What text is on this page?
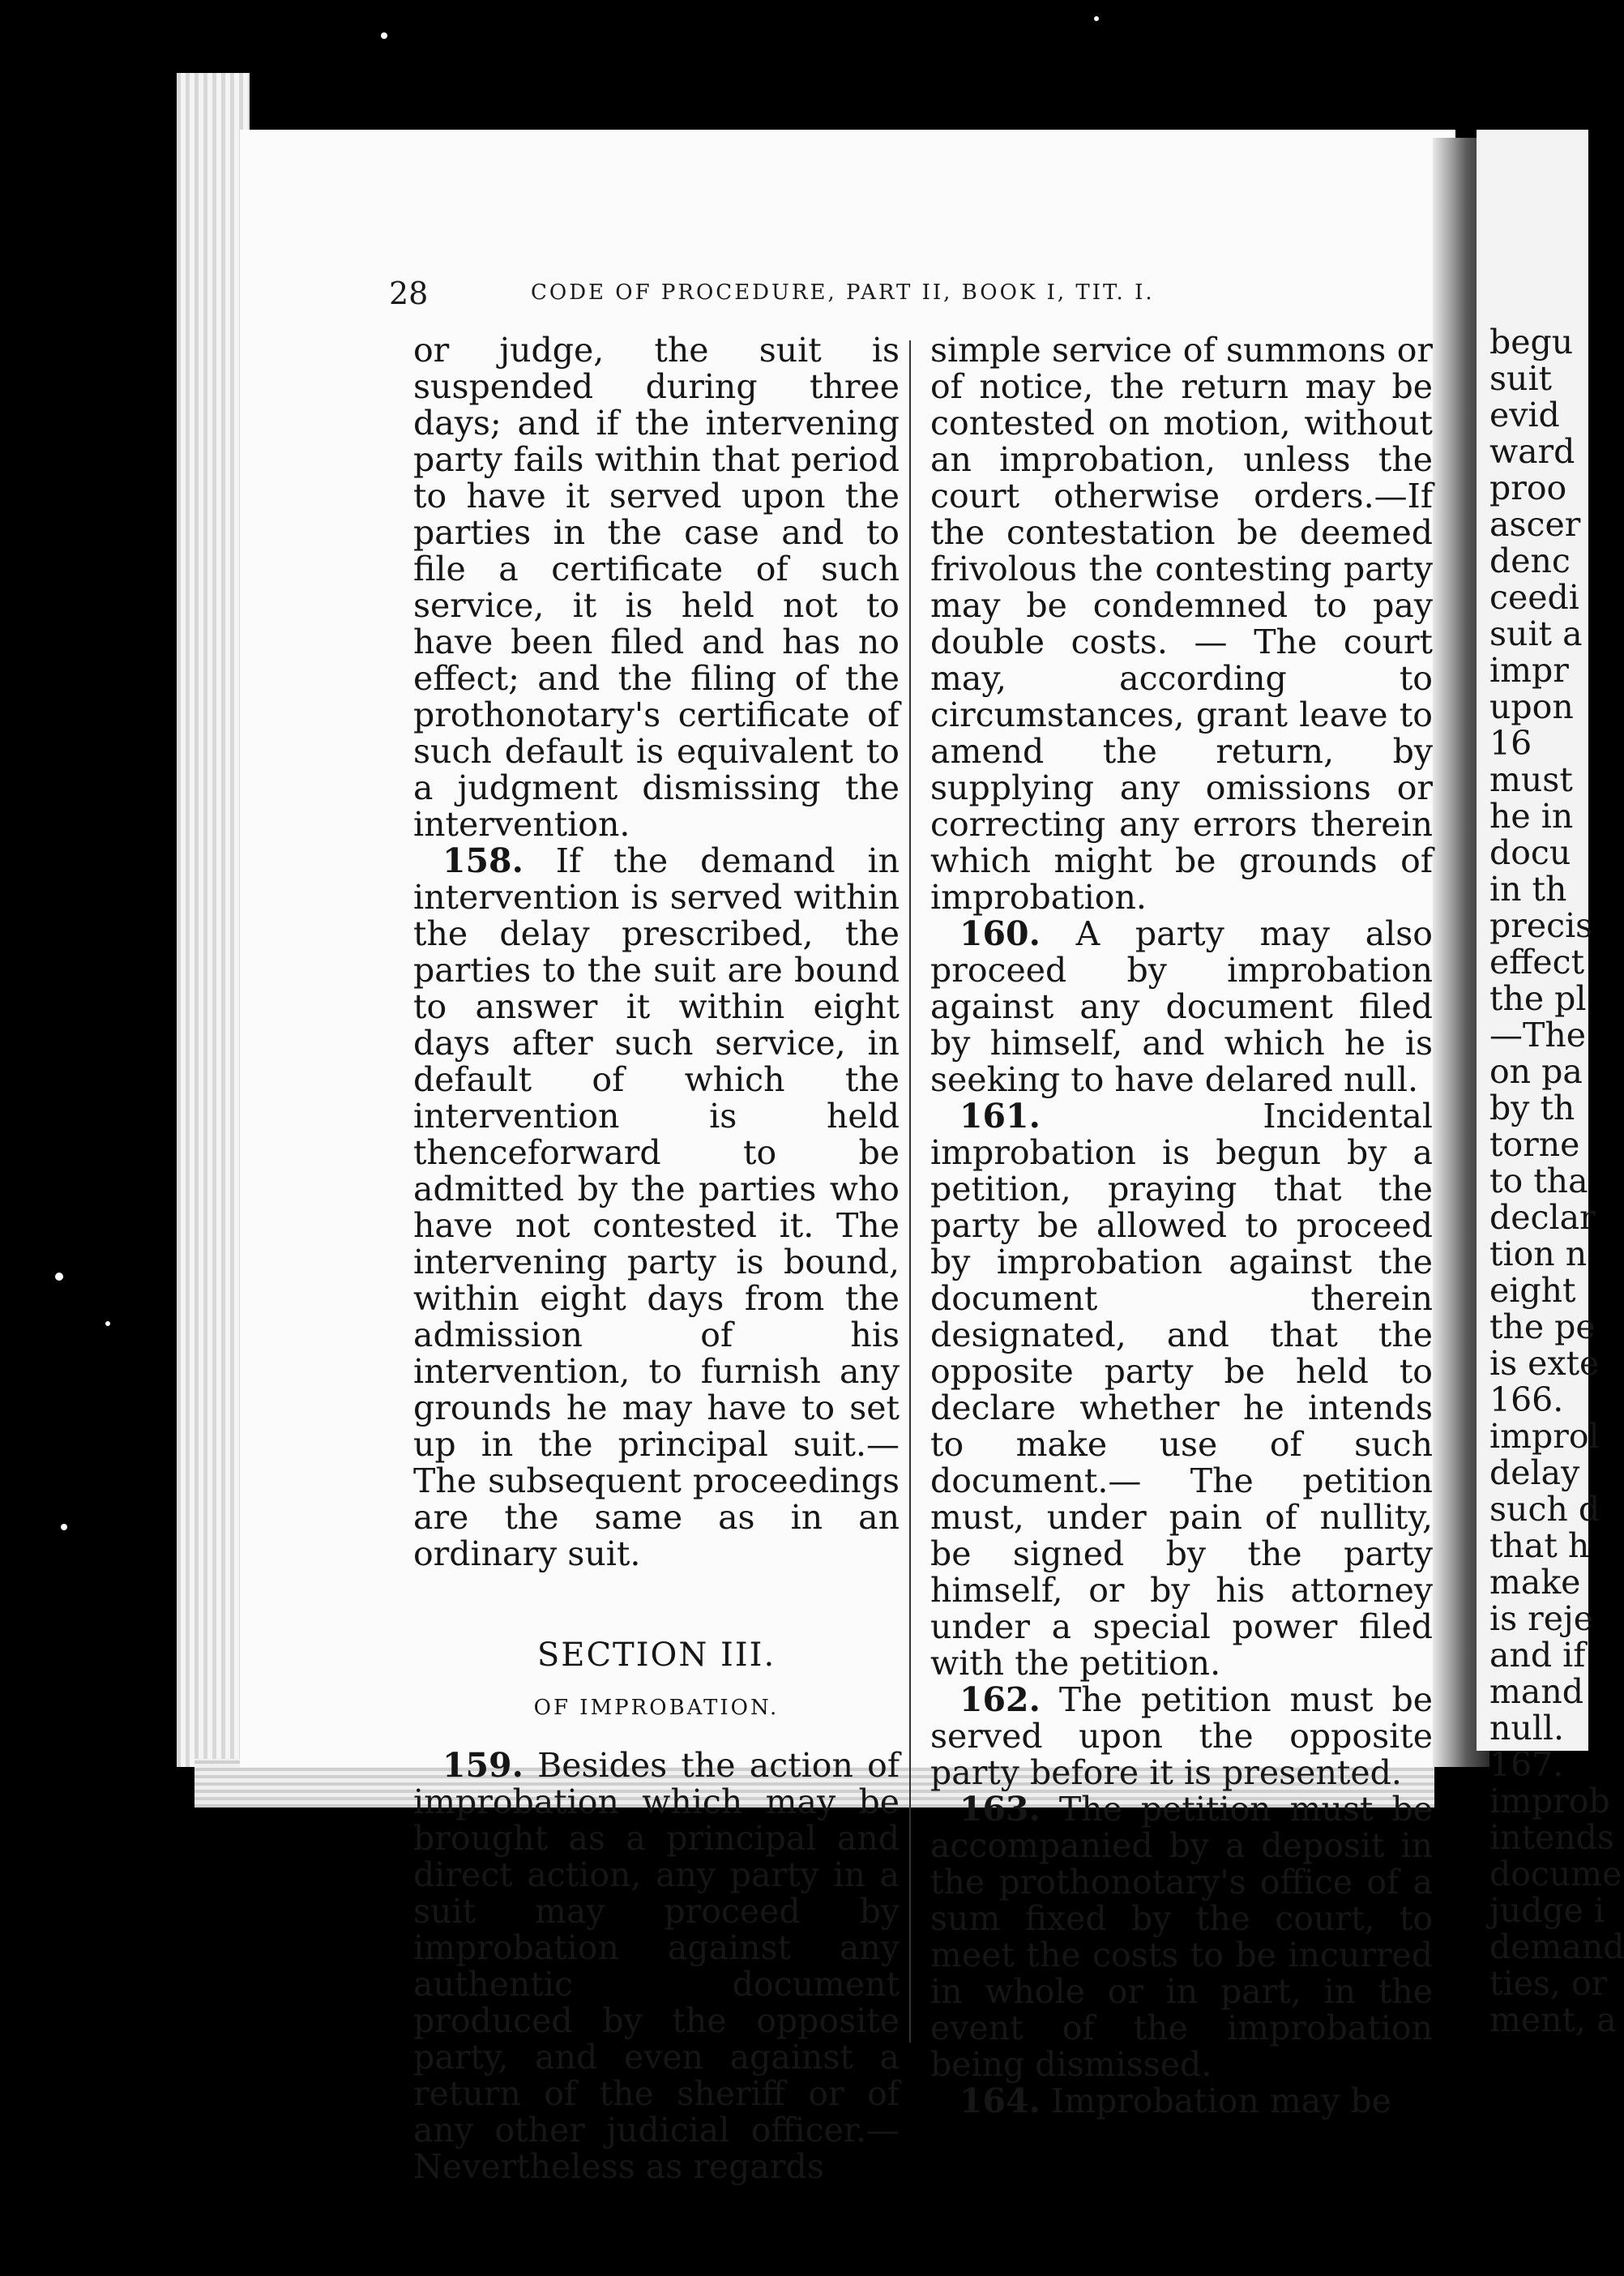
28	CODE OF PROCEDURE, PART II, BOOK I, TIT. I.

or judge, the suit is suspended during three days; and if the intervening party fails within that period to have it served upon the parties in the case and to file a certificate of such service, it is held not to have been filed and has no effect; and the filing of the prothonotary's certificate of such default is equivalent to a judgment dismissing the intervention.

158. If the demand in intervention is served within the delay prescribed, the parties to the suit are bound to answer it within eight days after such service, in default of which the intervention is held thenceforward to be admitted by the parties who have not contested it. The intervening party is bound, within eight days from the admission of his intervention, to furnish any grounds he may have to set up in the principal suit.—The subsequent proceedings are the same as in an ordinary suit.

SECTION III.
OF IMPROBATION.

159. Besides the action of improbation which may be brought as a principal and direct action, any party in a suit may proceed by improbation against any authentic document produced by the opposite party, and even against a return of the sheriff or of any other judicial officer.—Nevertheless as regards

simple service of summons or of notice, the return may be contested on motion, without an improbation, unless the court otherwise orders.—If the contestation be deemed frivolous the contesting party may be condemned to pay double costs. — The court may, according to circumstances, grant leave to amend the return, by supplying any omissions or correcting any errors therein which might be grounds of improbation.

160. A party may also proceed by improbation against any document filed by himself, and which he is seeking to have delared null.

161. Incidental improbation is begun by a petition, praying that the party be allowed to proceed by improbation against the document therein designated, and that the opposite party be held to declare whether he intends to make use of such document.— The petition must, under pain of nullity, be signed by the party himself, or by his attorney under a special power filed with the petition.

162. The petition must be served upon the opposite party before it is presented.

163. The petition must be accompanied by a deposit in the prothonotary's office of a sum fixed by the court, to meet the costs to be incurred in whole or in part, in the event of the improbation being dismissed.

164. Improbation may be

begu
suit
evid
ward
proo
ascer
denc
ceedi
suit a
impr
upon
16
must
he in
docu
in th
precis
effect
the pl
—The
on pa
by th
torne
to tha
declar
tion n
eight
the pe
is exte
166.
improl
delay
such d
that h
make
is reje
and if
mand
null.
167.
improb
intends
docume
judge i
demand
ties, or
ment, a
